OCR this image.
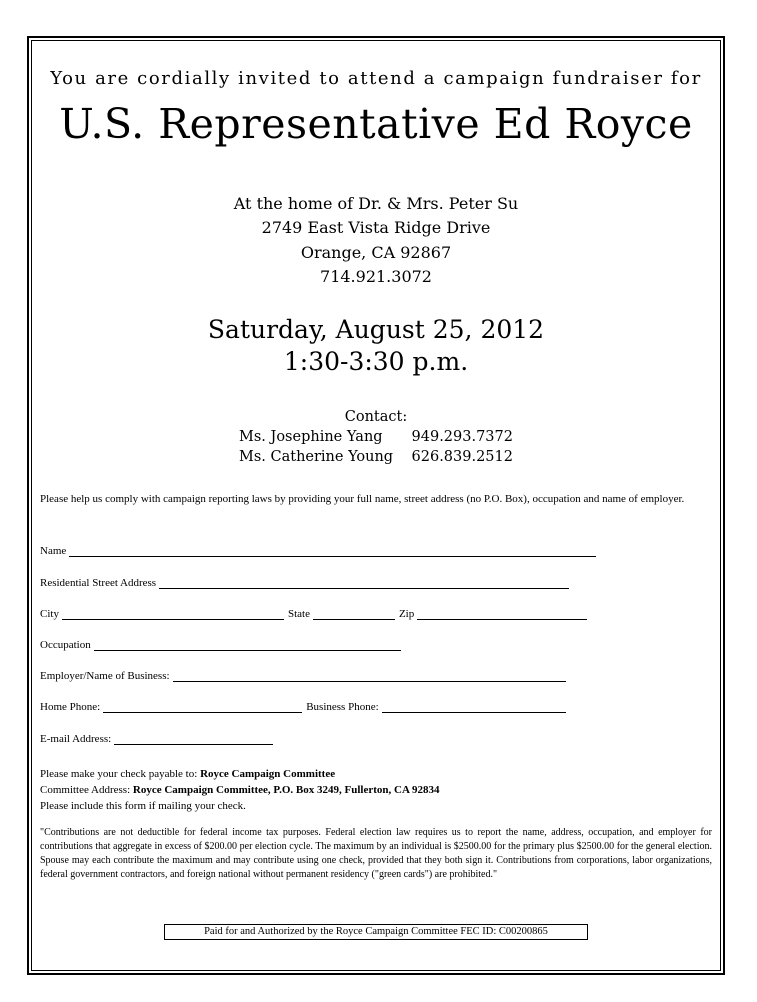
You are cordially invited to attend a campaign fundraiser for
U.S. Representative Ed Royce
At the home of Dr. & Mrs. Peter Su
2749 East Vista Ridge Drive
Orange, CA 92867
714.921.3072
Saturday, August 25, 2012
1:30-3:30 p.m.
Contact:
Ms. Josephine Yang	949.293.7372
Ms. Catherine Young	626.839.2512
Please help us comply with campaign reporting laws by providing your full name, street address (no P.O. Box), occupation and name of employer.
Name
Residential Street Address
City	State	Zip
Occupation
Employer/Name of Business:
Home Phone:	Business Phone:
E-mail Address:
Please make your check payable to: Royce Campaign Committee
Committee Address: Royce Campaign Committee, P.O. Box 3249, Fullerton, CA 92834
Please include this form if mailing your check.
"Contributions are not deductible for federal income tax purposes. Federal election law requires us to report the name, address, occupation, and employer for contributions that aggregate in excess of $200.00 per election cycle. The maximum by an individual is $2500.00 for the primary plus $2500.00 for the general election. Spouse may each contribute the maximum and may contribute using one check, provided that they both sign it. Contributions from corporations, labor organizations, federal government contractors, and foreign national without permanent residency ("green cards") are prohibited."
Paid for and Authorized by the Royce Campaign Committee FEC ID: C00200865
